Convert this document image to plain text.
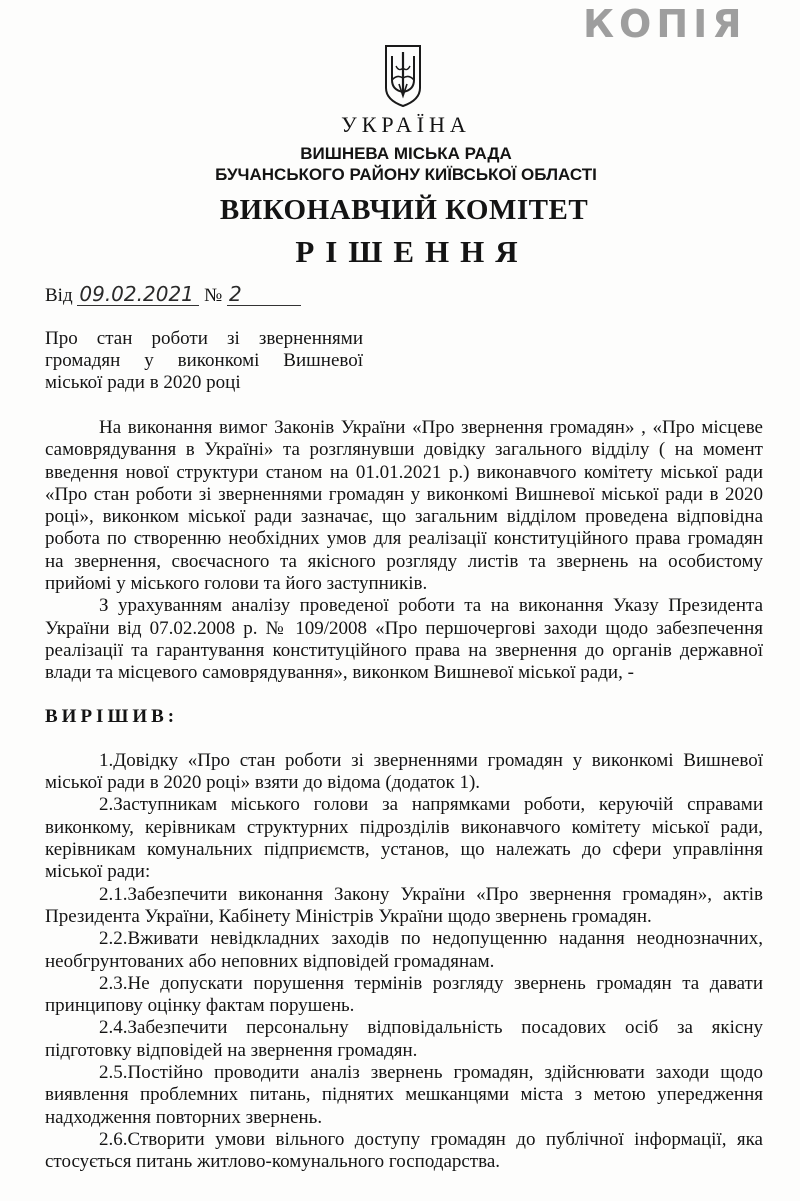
КОПІЯ
УКРАЇНА
ВИШНЕВА МІСЬКА РАДА
БУЧАНСЬКОГО РАЙОНУ КИЇВСЬКОЇ ОБЛАСТІ
ВИКОНАВЧИЙ КОМІТЕТ
РІШЕННЯ
Від 09.02.2021 № 2
Про стан роботи зі зверненнями
громадян у виконкомі Вишневої
міської ради в 2020 році

На виконання вимог Законів України «Про звернення громадян» , «Про місцеве самоврядування в Україні» та розглянувши довідку загального відділу ( на момент введення нової структури станом на 01.01.2021 р.) виконавчого комітету міської ради «Про стан роботи зі зверненнями громадян у виконкомі Вишневої міської ради в 2020 році», виконком міської ради зазначає, що загальним відділом проведена відповідна робота по створенню необхідних умов для реалізації конституційного права громадян на звернення, своєчасного та якісного розгляду листів та звернень на особистому прийомі у міського голови та його заступників.

З урахуванням аналізу проведеної роботи та на виконання Указу Президента України від 07.02.2008 р. № 109/2008 «Про першочергові заходи щодо забезпечення реалізації та гарантування конституційного права на звернення до органів державної влади та місцевого самоврядування», виконком Вишневої міської ради, -

ВИРІШИВ:

1.Довідку «Про стан роботи зі зверненнями громадян у виконкомі Вишневої міської ради в 2020 році» взяти до відома (додаток 1).

2.Заступникам міського голови за напрямками роботи, керуючій справами виконкому, керівникам структурних підрозділів виконавчого комітету міської ради, керівникам комунальних підприємств, установ, що належать до сфери управління міської ради:

2.1.Забезпечити виконання Закону України «Про звернення громадян», актів Президента України, Кабінету Міністрів України щодо звернень громадян.

2.2.Вживати невідкладних заходів по недопущенню надання неоднозначних, необгрунтованих або неповних відповідей громадянам.

2.3.Не допускати порушення термінів розгляду звернень громадян та давати принципову оцінку фактам порушень.

2.4.Забезпечити персональну відповідальність посадових осіб за якісну підготовку відповідей на звернення громадян.

2.5.Постійно проводити аналіз звернень громадян, здійснювати заходи щодо виявлення проблемних питань, піднятих мешканцями міста з метою упередження надходження повторних звернень.

2.6.Створити умови вільного доступу громадян до публічної інформації, яка стосується питань житлово-комунального господарства.
